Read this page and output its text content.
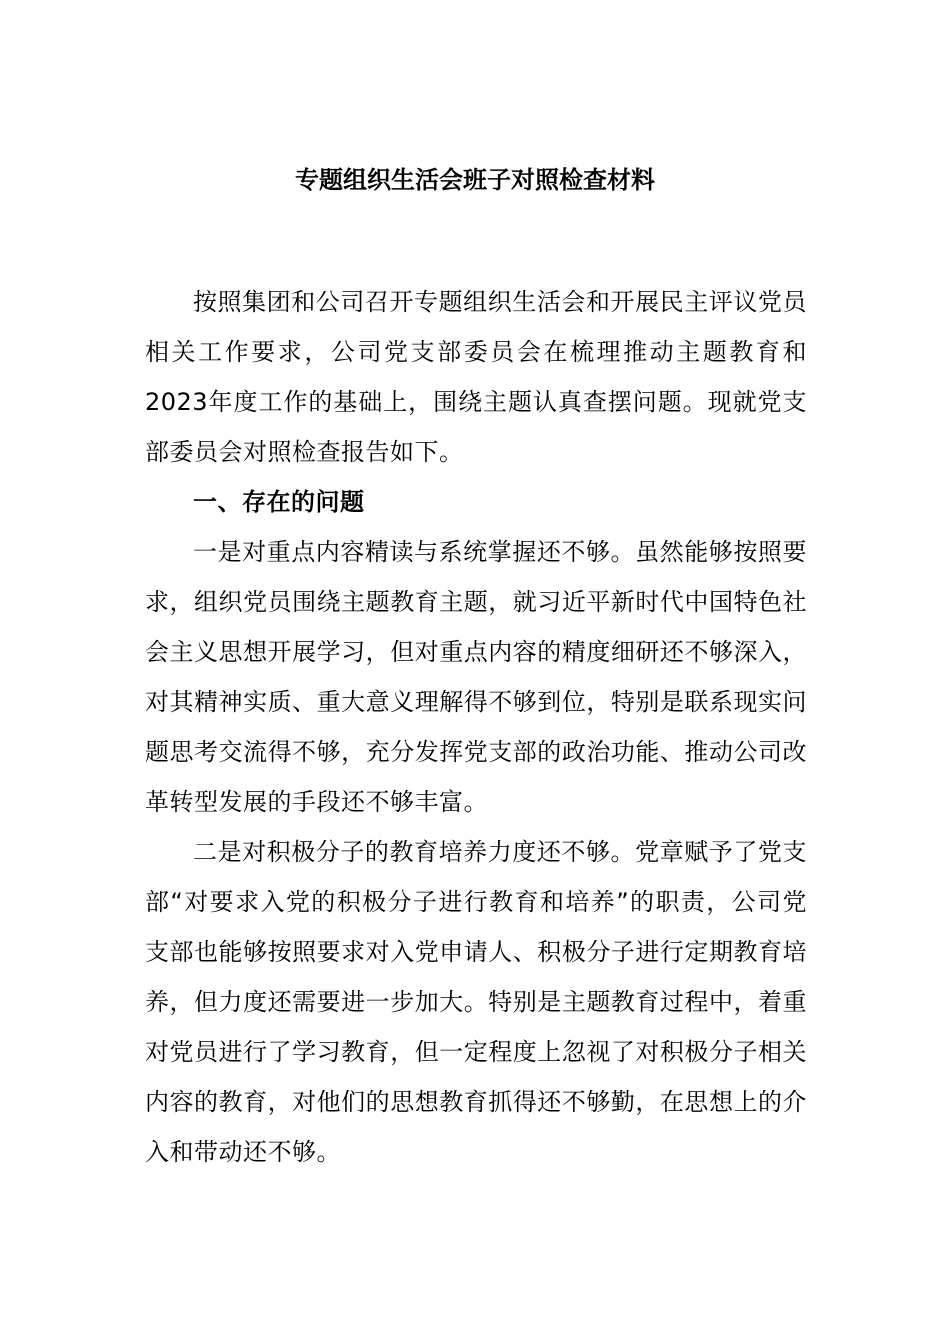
专题组织生活会班子对照检查材料

按照集团和公司召开专题组织生活会和开展民主评议党员相关工作要求，公司党支部委员会在梳理推动主题教育和2023年度工作的基础上，围绕主题认真查摆问题。现就党支部委员会对照检查报告如下。

一、存在的问题

一是对重点内容精读与系统掌握还不够。虽然能够按照要求，组织党员围绕主题教育主题，就习近平新时代中国特色社会主义思想开展学习，但对重点内容的精度细研还不够深入，对其精神实质、重大意义理解得不够到位，特别是联系现实问题思考交流得不够，充分发挥党支部的政治功能、推动公司改革转型发展的手段还不够丰富。

二是对积极分子的教育培养力度还不够。党章赋予了党支部“对要求入党的积极分子进行教育和培养”的职责，公司党支部也能够按照要求对入党申请人、积极分子进行定期教育培养，但力度还需要进一步加大。特别是主题教育过程中，着重对党员进行了学习教育，但一定程度上忽视了对积极分子相关内容的教育，对他们的思想教育抓得还不够勤，在思想上的介入和带动还不够。
